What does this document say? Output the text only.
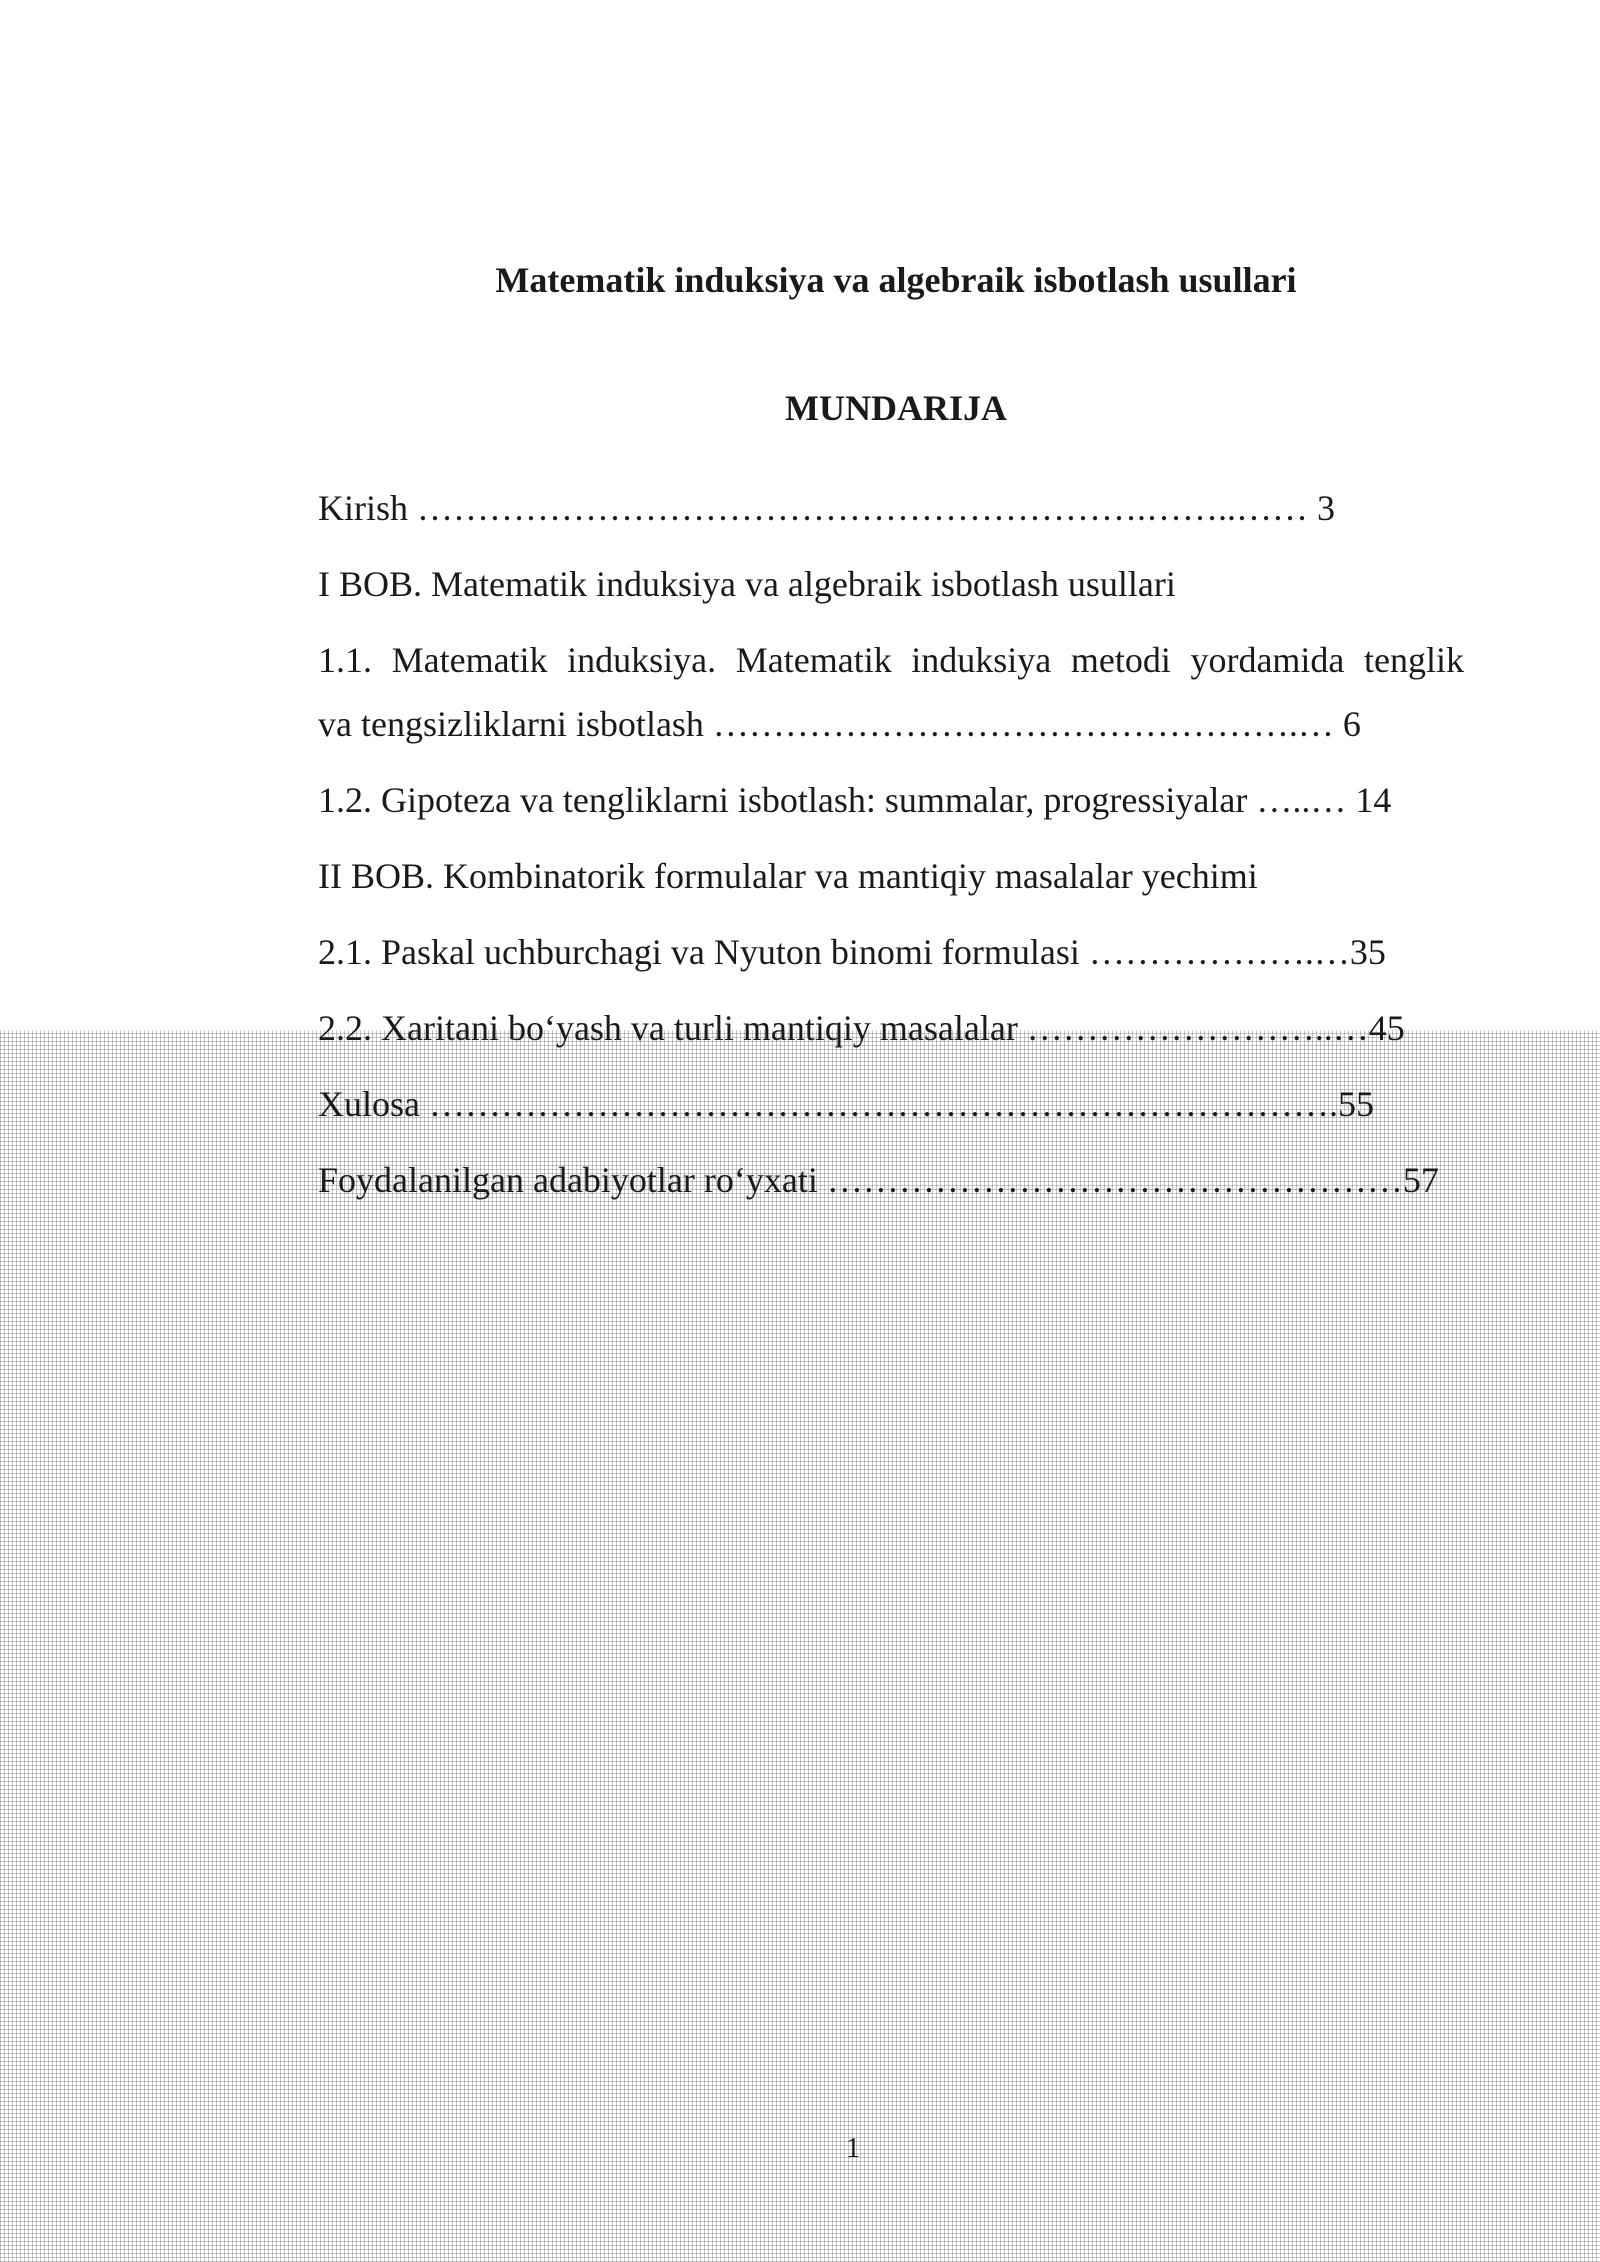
Matematik induksiya va algebraik isbotlash usullari
MUNDARIJA
Kirish …………………………………………………….……..…… 3
I BOB. Matematik induksiya va algebraik isbotlash usullari
1.1. Matematik induksiya. Matematik induksiya metodi yordamida tenglik
va tengsizliklarni isbotlash ………………………………………….… 6
1.2. Gipoteza va tengliklarni isbotlash: summalar, progressiyalar …..… 14
II BOB. Kombinatorik formulalar va mantiqiy masalalar yechimi
2.1. Paskal uchburchagi va Nyuton binomi formulasi ……………….…35
2.2. Xaritani bo‘yash va turli mantiqiy masalalar ……………………..…45
Xulosa ………………………………………………………………….55
Foydalanilgan adabiyotlar ro‘yxati …………………………………………57
1
